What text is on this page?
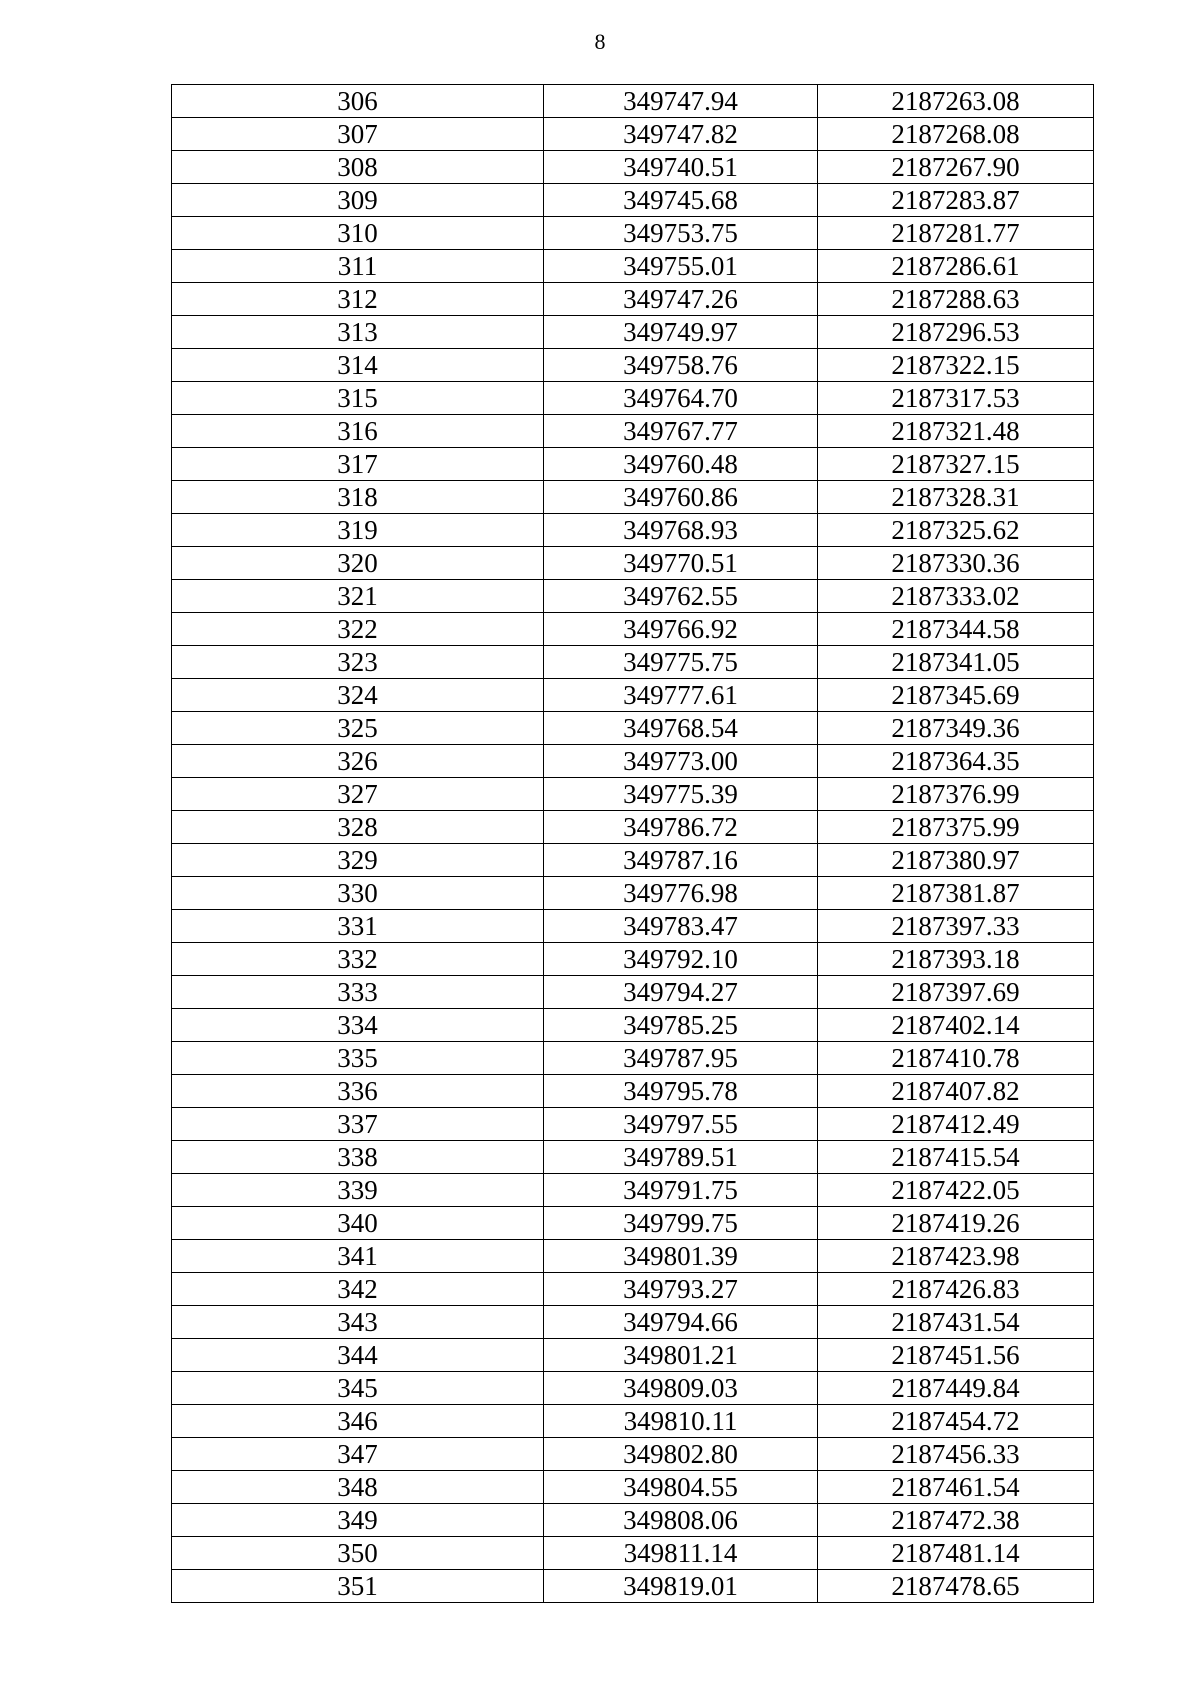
8
306	349747.94	2187263.08
307	349747.82	2187268.08
308	349740.51	2187267.90
309	349745.68	2187283.87
310	349753.75	2187281.77
311	349755.01	2187286.61
312	349747.26	2187288.63
313	349749.97	2187296.53
314	349758.76	2187322.15
315	349764.70	2187317.53
316	349767.77	2187321.48
317	349760.48	2187327.15
318	349760.86	2187328.31
319	349768.93	2187325.62
320	349770.51	2187330.36
321	349762.55	2187333.02
322	349766.92	2187344.58
323	349775.75	2187341.05
324	349777.61	2187345.69
325	349768.54	2187349.36
326	349773.00	2187364.35
327	349775.39	2187376.99
328	349786.72	2187375.99
329	349787.16	2187380.97
330	349776.98	2187381.87
331	349783.47	2187397.33
332	349792.10	2187393.18
333	349794.27	2187397.69
334	349785.25	2187402.14
335	349787.95	2187410.78
336	349795.78	2187407.82
337	349797.55	2187412.49
338	349789.51	2187415.54
339	349791.75	2187422.05
340	349799.75	2187419.26
341	349801.39	2187423.98
342	349793.27	2187426.83
343	349794.66	2187431.54
344	349801.21	2187451.56
345	349809.03	2187449.84
346	349810.11	2187454.72
347	349802.80	2187456.33
348	349804.55	2187461.54
349	349808.06	2187472.38
350	349811.14	2187481.14
351	349819.01	2187478.65
